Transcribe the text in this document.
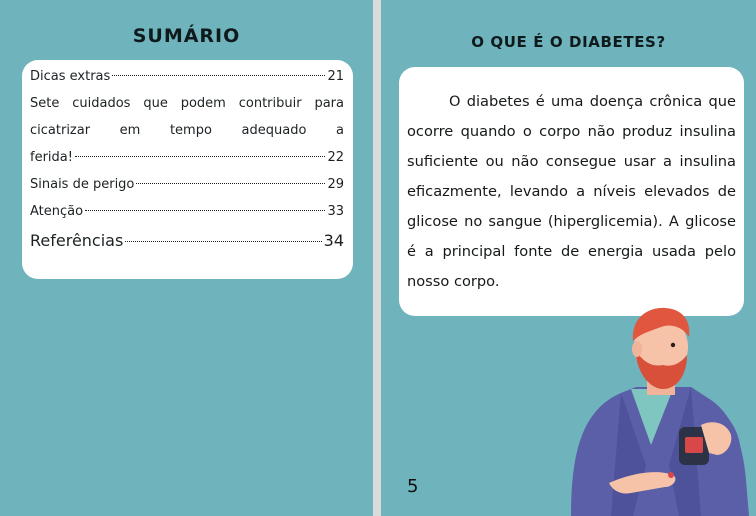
SUMÁRIO
Dicas extras	21
Sete cuidados que podem contribuir para
cicatrizar em tempo adequado a
ferida!	22
Sinais de perigo	29
Atenção	33
Referências	34
O QUE É O DIABETES?

O diabetes é uma doença crônica que ocorre quando o corpo não produz insulina suficiente ou não consegue usar a insulina eficazmente, levando a níveis elevados de glicose no sangue (hiperglicemia). A glicose é a principal fonte de energia usada pelo nosso corpo.

5
